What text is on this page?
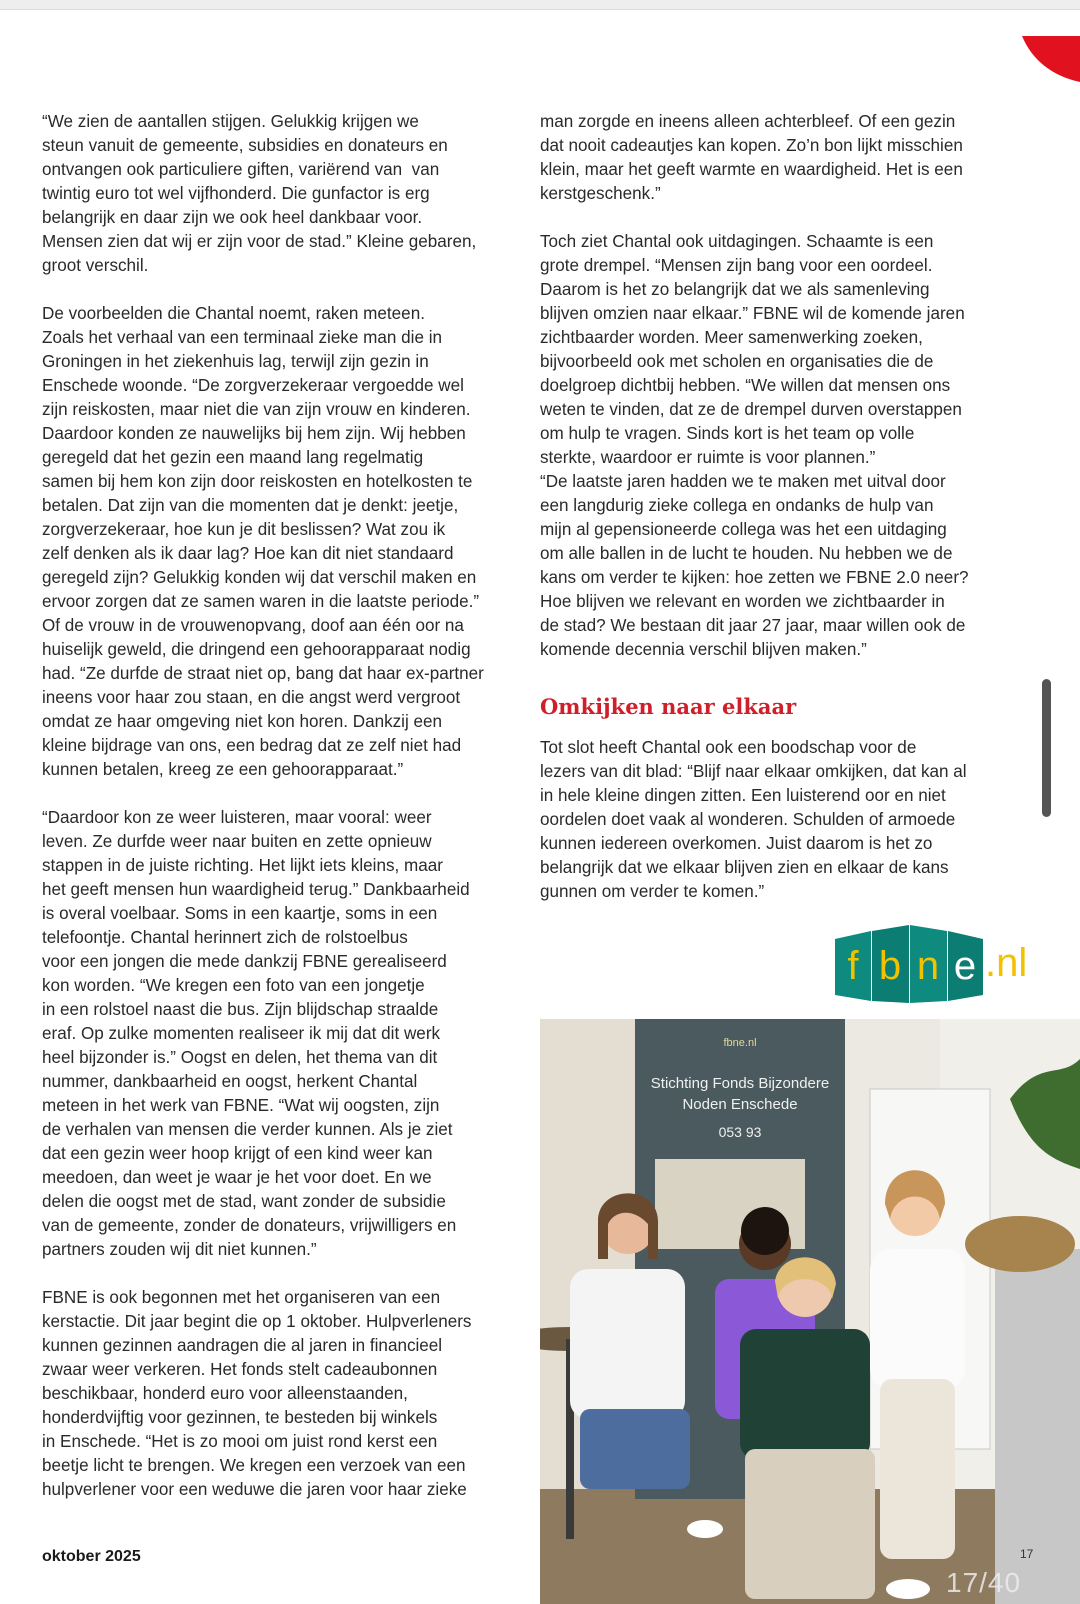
“We zien de aantallen stijgen. Gelukkig krijgen we

steun vanuit de gemeente, subsidies en donateurs en

ontvangen ook particuliere giften, variërend van  van

twintig euro tot wel vijfhonderd. Die gunfactor is erg

belangrijk en daar zijn we ook heel dankbaar voor.

Mensen zien dat wij er zijn voor de stad.” Kleine gebaren,

groot verschil.

De voorbeelden die Chantal noemt, raken meteen.

Zoals het verhaal van een terminaal zieke man die in

Groningen in het ziekenhuis lag, terwijl zijn gezin in

Enschede woonde. “De zorgverzekeraar vergoedde wel

zijn reiskosten, maar niet die van zijn vrouw en kinderen.

Daardoor konden ze nauwelijks bij hem zijn. Wij hebben

geregeld dat het gezin een maand lang regelmatig

samen bij hem kon zijn door reiskosten en hotelkosten te

betalen. Dat zijn van die momenten dat je denkt: jeetje,

zorgverzekeraar, hoe kun je dit beslissen? Wat zou ik

zelf denken als ik daar lag? Hoe kan dit niet standaard

geregeld zijn? Gelukkig konden wij dat verschil maken en

ervoor zorgen dat ze samen waren in die laatste periode.”

Of de vrouw in de vrouwenopvang, doof aan één oor na

huiselijk geweld, die dringend een gehoorapparaat nodig

had. “Ze durfde de straat niet op, bang dat haar ex-partner

ineens voor haar zou staan, en die angst werd vergroot

omdat ze haar omgeving niet kon horen. Dankzij een

kleine bijdrage van ons, een bedrag dat ze zelf niet had

kunnen betalen, kreeg ze een gehoorapparaat.”

“Daardoor kon ze weer luisteren, maar vooral: weer

leven. Ze durfde weer naar buiten en zette opnieuw

stappen in de juiste richting. Het lijkt iets kleins, maar

het geeft mensen hun waardigheid terug.” Dankbaarheid

is overal voelbaar. Soms in een kaartje, soms in een

telefoontje. Chantal herinnert zich de rolstoelbus

voor een jongen die mede dankzij FBNE gerealiseerd

kon worden. “We kregen een foto van een jongetje

in een rolstoel naast die bus. Zijn blijdschap straalde

eraf. Op zulke momenten realiseer ik mij dat dit werk

heel bijzonder is.” Oogst en delen, het thema van dit

nummer, dankbaarheid en oogst, herkent Chantal

meteen in het werk van FBNE. “Wat wij oogsten, zijn

de verhalen van mensen die verder kunnen. Als je ziet

dat een gezin weer hoop krijgt of een kind weer kan

meedoen, dan weet je waar je het voor doet. En we

delen die oogst met de stad, want zonder de subsidie

van de gemeente, zonder de donateurs, vrijwilligers en

partners zouden wij dit niet kunnen.”

FBNE is ook begonnen met het organiseren van een

kerstactie. Dit jaar begint die op 1 oktober. Hulpverleners

kunnen gezinnen aandragen die al jaren in financieel

zwaar weer verkeren. Het fonds stelt cadeaubonnen

beschikbaar, honderd euro voor alleenstaanden,

honderdvijftig voor gezinnen, te besteden bij winkels

in Enschede. “Het is zo mooi om juist rond kerst een

beetje licht te brengen. We kregen een verzoek van een

hulpverlener voor een weduwe die jaren voor haar zieke

man zorgde en ineens alleen achterbleef. Of een gezin

dat nooit cadeautjes kan kopen. Zo’n bon lijkt misschien

klein, maar het geeft warmte en waardigheid. Het is een

kerstgeschenk.”

Toch ziet Chantal ook uitdagingen. Schaamte is een

grote drempel. “Mensen zijn bang voor een oordeel.

Daarom is het zo belangrijk dat we als samenleving

blijven omzien naar elkaar.” FBNE wil de komende jaren

zichtbaarder worden. Meer samenwerking zoeken,

bijvoorbeeld ook met scholen en organisaties die de

doelgroep dichtbij hebben. “We willen dat mensen ons

weten te vinden, dat ze de drempel durven overstappen

om hulp te vragen. Sinds kort is het team op volle

sterkte, waardoor er ruimte is voor plannen.”

“De laatste jaren hadden we te maken met uitval door

een langdurig zieke collega en ondanks de hulp van

mijn al gepensioneerde collega was het een uitdaging

om alle ballen in de lucht te houden. Nu hebben we de

kans om verder te kijken: hoe zetten we FBNE 2.0 neer?

Hoe blijven we relevant en worden we zichtbaarder in

de stad? We bestaan dit jaar 27 jaar, maar willen ook de

komende decennia verschil blijven maken.”

Omkijken naar elkaar

Tot slot heeft Chantal ook een boodschap voor de

lezers van dit blad: “Blijf naar elkaar omkijken, dat kan al

in hele kleine dingen zitten. Een luisterend oor en niet

oordelen doet vaak al wonderen. Schulden of armoede

kunnen iedereen overkomen. Juist daarom is het zo

belangrijk dat we elkaar blijven zien en elkaar de kans

gunnen om verder te komen.”

f b n e .nl
fbne.nl
Stichting Fonds Bijzondere
Noden Enschede
053 93
oktober 2025	17
17/40
